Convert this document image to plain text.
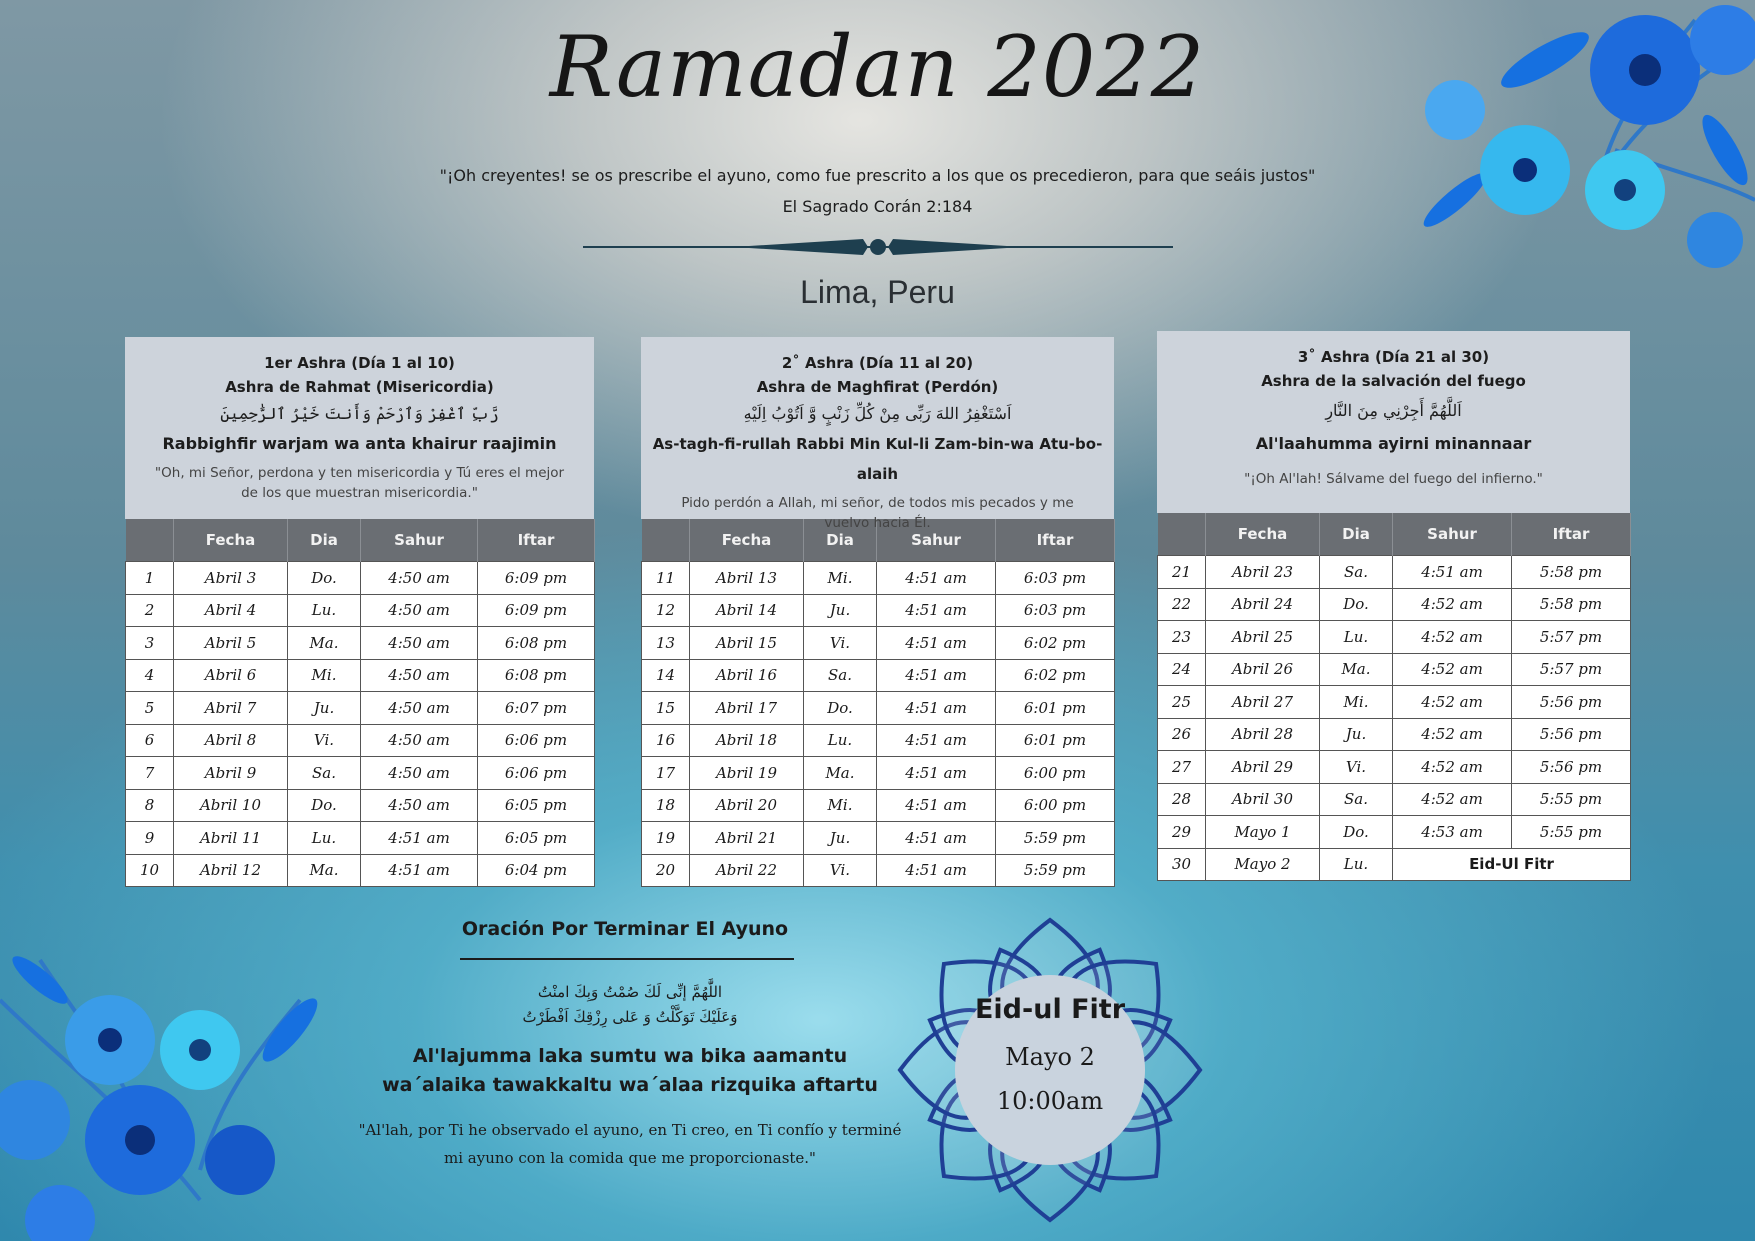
Ramadan 2022
"¡Oh creyentes! se os prescribe el ayuno, como fue prescrito a los que os precedieron, para que seáis justos"
El Sagrado Corán 2:184
Lima, Peru
1er Ashra (Día 1 al 10)
Ashra de Rahmat (Misericordia)
رَّبِّ ٱغْفِرْ وَٱرْحَمْ وَأَنتَ خَيْرُ ٱلرَّٰحِمِينَ
Rabbighfir warjam wa anta khairur raajimin
"Oh, mi Señor, perdona y ten misericordia y Tú eres el mejor de los que muestran misericordia."
	Fecha	Dia	Sahur	Iftar
1	Abril 3	Do.	4:50 am	6:09 pm
2	Abril 4	Lu.	4:50 am	6:09 pm
3	Abril 5	Ma.	4:50 am	6:08 pm
4	Abril 6	Mi.	4:50 am	6:08 pm
5	Abril 7	Ju.	4:50 am	6:07 pm
6	Abril 8	Vi.	4:50 am	6:06 pm
7	Abril 9	Sa.	4:50 am	6:06 pm
8	Abril 10	Do.	4:50 am	6:05 pm
9	Abril 11	Lu.	4:51 am	6:05 pm
10	Abril 12	Ma.	4:51 am	6:04 pm
2˚ Ashra (Día 11 al 20)
Ashra de Maghfirat (Perdón)
اَسْتَغْفِرُ اللهَ رَبِّى مِنْ كُلِّ زَنْبٍ وَّ اَتُوْبُ اِلَيْهِ
As-tagh-fi-rullah Rabbi Min Kul-li Zam-bin-wa Atu-bo-alaih
Pido perdón a Allah, mi señor, de todos mis pecados y me vuelvo hacia Él.
	Fecha	Dia	Sahur	Iftar
11	Abril 13	Mi.	4:51 am	6:03 pm
12	Abril 14	Ju.	4:51 am	6:03 pm
13	Abril 15	Vi.	4:51 am	6:02 pm
14	Abril 16	Sa.	4:51 am	6:02 pm
15	Abril 17	Do.	4:51 am	6:01 pm
16	Abril 18	Lu.	4:51 am	6:01 pm
17	Abril 19	Ma.	4:51 am	6:00 pm
18	Abril 20	Mi.	4:51 am	6:00 pm
19	Abril 21	Ju.	4:51 am	5:59 pm
20	Abril 22	Vi.	4:51 am	5:59 pm
3˚ Ashra (Día 21 al 30)
Ashra de la salvación del fuego
اَللَّهُمَّ أَجِرْنِي مِنَ النَّارِ
Al'laahumma ayirni minannaar
"¡Oh Al'lah! Sálvame del fuego del infierno."
	Fecha	Dia	Sahur	Iftar
21	Abril 23	Sa.	4:51 am	5:58 pm
22	Abril 24	Do.	4:52 am	5:58 pm
23	Abril 25	Lu.	4:52 am	5:57 pm
24	Abril 26	Ma.	4:52 am	5:57 pm
25	Abril 27	Mi.	4:52 am	5:56 pm
26	Abril 28	Ju.	4:52 am	5:56 pm
27	Abril 29	Vi.	4:52 am	5:56 pm
28	Abril 30	Sa.	4:52 am	5:55 pm
29	Mayo 1	Do.	4:53 am	5:55 pm
30	Mayo 2	Lu.	Eid-Ul Fitr	
Oración Por Terminar El Ayuno
اللَّٰهُمَّ إنِّى لَكَ صُمْتُ وَبِكَ امنْتُ
وَعَلَيْكَ تَوَكَّلْتُ وَ عَلى رِزْقِكَ اَفْطَرْتُ
Al'lajumma laka sumtu wa bika aamantu
wa´alaika tawakkaltu wa´alaa rizquika aftartu
"Al'lah, por Ti he observado el ayuno, en Ti creo, en Ti confío y terminé
mi ayuno con la comida que me proporcionaste."
Eid-ul Fitr
Mayo 2
10:00am
